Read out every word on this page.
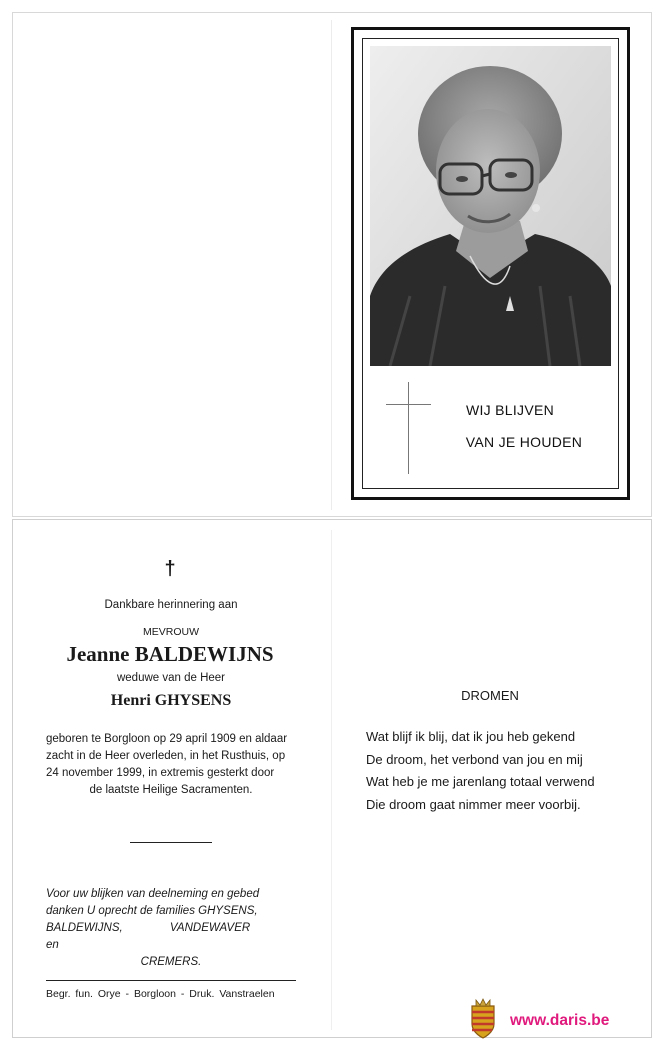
WIJ BLIJVEN
VAN JE HOUDEN
†
Dankbare herinnering aan
MEVROUW
Jeanne BALDEWIJNS
weduwe van de Heer
Henri GHYSENS
geboren te Borgloon op 29 april 1909 en aldaar
zacht in de Heer overleden, in het Rusthuis, op
24 november 1999, in extremis gesterkt door
de laatste Heilige Sacramenten.
Voor uw blijken van deelneming en gebed
danken U oprecht de families GHYSENS,
BALDEWIJNS, VANDEWAVER en
CREMERS.
Begr. fun. Orye - Borgloon - Druk. Vanstraelen
DROMEN
Wat blijf ik blij, dat ik jou heb gekend
De droom, het verbond van jou en mij
Wat heb je me jarenlang totaal verwend
Die droom gaat nimmer meer voorbij.
www.daris.be
